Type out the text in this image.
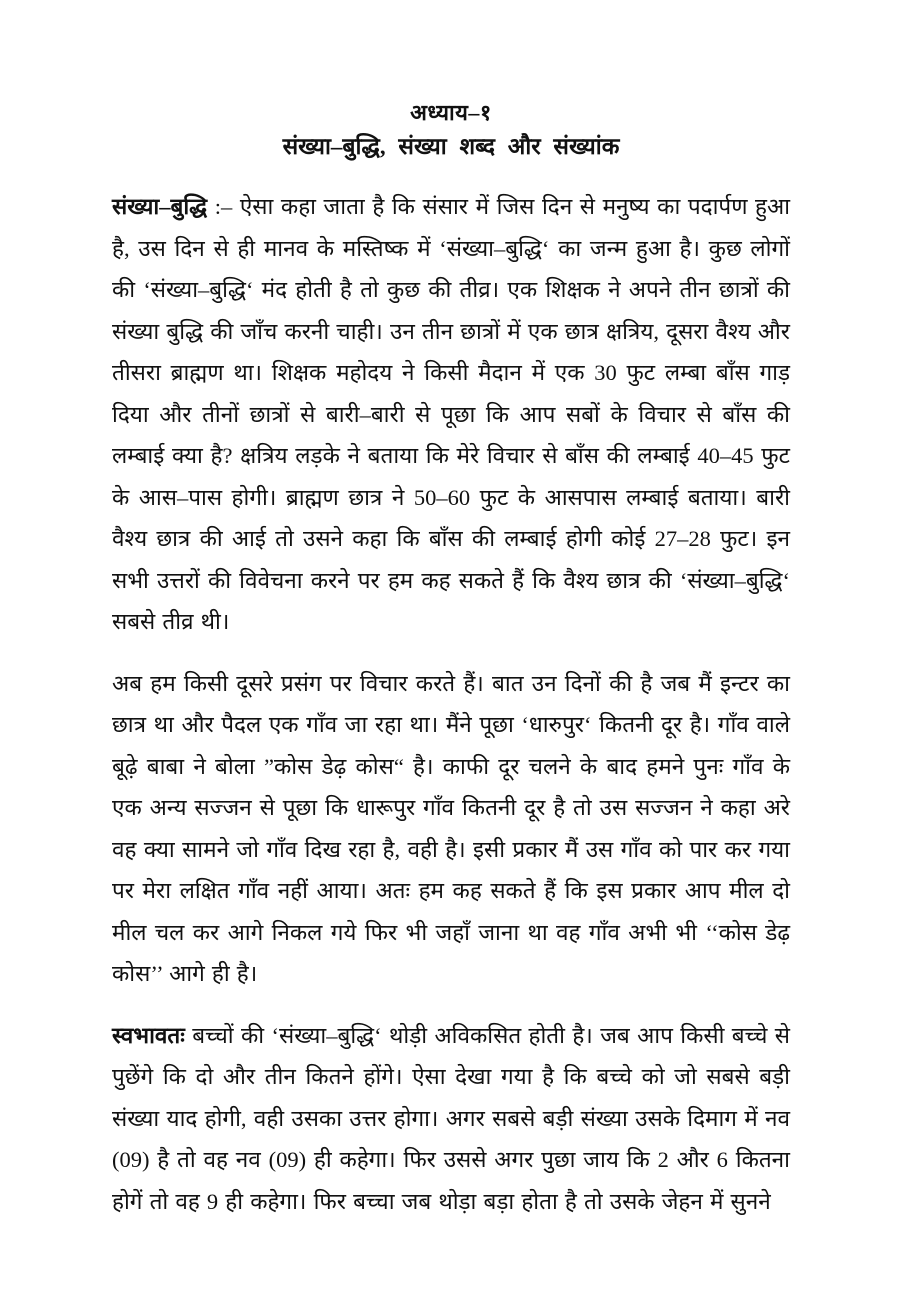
अध्याय–१
संख्या–बुद्धि, संख्या शब्द और संख्यांक

संख्या–बुद्धि :– ऐसा कहा जाता है कि संसार में जिस दिन से मनुष्य का पदार्पण हुआ है, उस दिन से ही मानव के मस्तिष्क में ‘संख्या–बुद्धि‘ का जन्म हुआ है। कुछ लोगों की ‘संख्या–बुद्धि‘ मंद होती है तो कुछ की तीव्र। एक शिक्षक ने अपने तीन छात्रों की संख्या बुद्धि की जाँच करनी चाही। उन तीन छात्रों में एक छात्र क्षत्रिय, दूसरा वैश्य और तीसरा ब्राह्मण था। शिक्षक महोदय ने किसी मैदान में एक 30 फुट लम्बा बाँस गाड़ दिया और तीनों छात्रों से बारी–बारी से पूछा कि आप सबों के विचार से बाँस की लम्बाई क्या है? क्षत्रिय लड़के ने बताया कि मेरे विचार से बाँस की लम्बाई 40–45 फुट के आस–पास होगी। ब्राह्मण छात्र ने 50–60 फुट के आसपास लम्बाई बताया। बारी वैश्य छात्र की आई तो उसने कहा कि बाँस की लम्बाई होगी कोई 27–28 फुट। इन सभी उत्तरों की विवेचना करने पर हम कह सकते हैं कि वैश्य छात्र की ‘संख्या–बुद्धि‘ सबसे तीव्र थी।

अब हम किसी दूसरे प्रसंग पर विचार करते हैं। बात उन दिनों की है जब मैं इन्टर का छात्र था और पैदल एक गाँव जा रहा था। मैंने पूछा ‘धारुपुर‘ कितनी दूर है। गाँव वाले बूढ़े बाबा ने बोला ”कोस डेढ़ कोस“ है। काफी दूर चलने के बाद हमने पुनः गाँव के एक अन्य सज्जन से पूछा कि धारूपुर गाँव कितनी दूर है तो उस सज्जन ने कहा अरे वह क्या सामने जो गाँव दिख रहा है, वही है। इसी प्रकार मैं उस गाँव को पार कर गया पर मेरा लक्षित गाँव नहीं आया। अतः हम कह सकते हैं कि इस प्रकार आप मील दो मील चल कर आगे निकल गये फिर भी जहाँ जाना था वह गाँव अभी भी ‘‘कोस डेढ़ कोस’’ आगे ही है।

स्वभावतः बच्चों की ‘संख्या–बुद्धि‘ थोड़ी अविकसित होती है। जब आप किसी बच्चे से पुछेंगे कि दो और तीन कितने होंगे। ऐसा देखा गया है कि बच्चे को जो सबसे बड़ी संख्या याद होगी, वही उसका उत्तर होगा। अगर सबसे बड़ी संख्या उसके दिमाग में नव (09) है तो वह नव (09) ही कहेगा। फिर उससे अगर पुछा जाय कि 2 और 6 कितना होगें तो वह 9 ही कहेगा। फिर बच्चा जब थोड़ा बड़ा होता है तो उसके जेहन में सुनने
